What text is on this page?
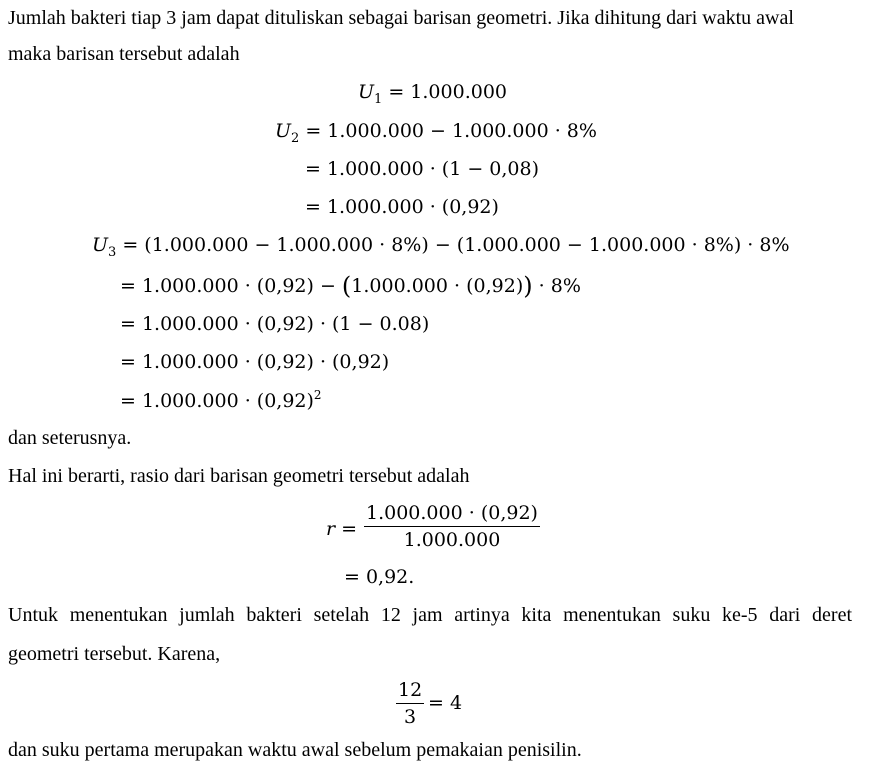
Jumlah bakteri tiap 3 jam dapat dituliskan sebagai barisan geometri. Jika dihitung dari waktu awal
maka barisan tersebut adalah
$U_1 = 1.000.000$
$U_2 = 1.000.000 - 1.000.000 \cdot 8\%$
= 1.000.000 · (1 − 0,08)
= 1.000.000 · (0,92)
$U_3 = (1.000.000 - 1.000.000 \cdot 8\%) - (1.000.000 - 1.000.000 \cdot 8\%) \cdot 8\%$
= 1.000.000 · (0,92) − (1.000.000 · (0,92)) · 8%
= 1.000.000 · (0,92) · (1 − 0.08)
= 1.000.000 · (0,92) · (0,92)
= $1.000.000 \cdot (0,92)^2$
dan seterusnya.
Hal ini berarti, rasio dari barisan geometri tersebut adalah
r =
1.000.000 · (0,92)
1.000.000
= 0,92.
Untuk menentukan jumlah bakteri setelah 12 jam artinya kita menentukan suku ke-5 dari deret
geometri tersebut. Karena,
12
3
= 4
dan suku pertama merupakan waktu awal sebelum pemakaian penisilin.
